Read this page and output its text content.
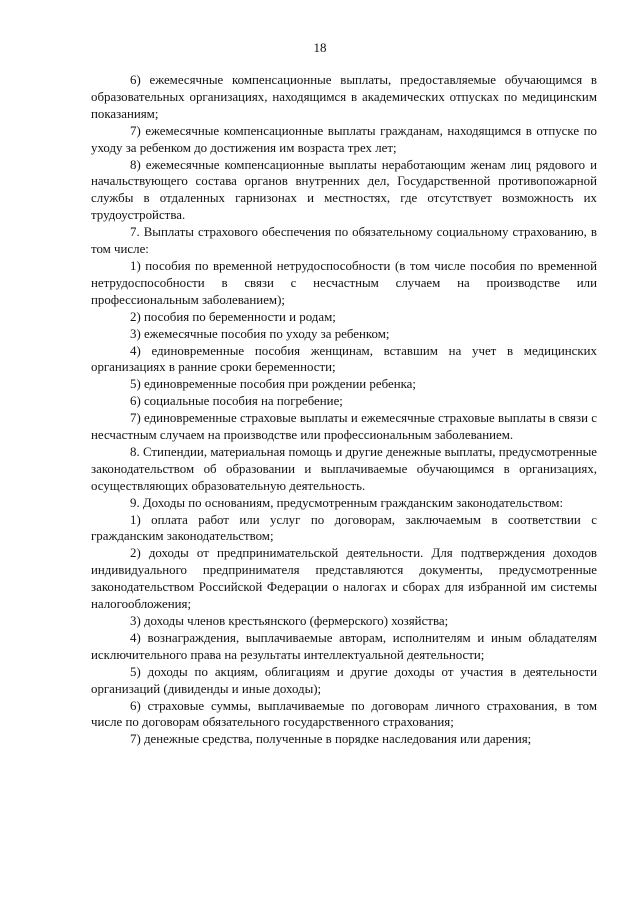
18

6) ежемесячные компенсационные выплаты, предоставляемые обучающимся в образовательных организациях, находящимся в академических отпусках по медицинским показаниям;

7) ежемесячные компенсационные выплаты гражданам, находящимся в отпуске по уходу за ребенком до достижения им возраста трех лет;

8) ежемесячные компенсационные выплаты неработающим женам лиц рядового и начальствующего состава органов внутренних дел, Государственной противопожарной службы в отдаленных гарнизонах и местностях, где отсутствует возможность их трудоустройства.

7. Выплаты страхового обеспечения по обязательному социальному страхованию, в том числе:

1) пособия по временной нетрудоспособности (в том числе пособия по временной нетрудоспособности в связи с несчастным случаем на производстве или профессиональным заболеванием);

2) пособия по беременности и родам;

3) ежемесячные пособия по уходу за ребенком;

4) единовременные пособия женщинам, вставшим на учет в медицинских организациях в ранние сроки беременности;

5) единовременные пособия при рождении ребенка;

6) социальные пособия на погребение;

7) единовременные страховые выплаты и ежемесячные страховые выплаты в связи с несчастным случаем на производстве или профессиональным заболеванием.

8. Стипендии, материальная помощь и другие денежные выплаты, предусмотренные законодательством об образовании и выплачиваемые обучающимся в организациях, осуществляющих образовательную деятельность.

9. Доходы по основаниям, предусмотренным гражданским законодательством:

1) оплата работ или услуг по договорам, заключаемым в соответствии с гражданским законодательством;

2) доходы от предпринимательской деятельности. Для подтверждения доходов индивидуального предпринимателя представляются документы, предусмотренные законодательством Российской Федерации о налогах и сборах для избранной им системы налогообложения;

3) доходы членов крестьянского (фермерского) хозяйства;

4) вознаграждения, выплачиваемые авторам, исполнителям и иным обладателям исключительного права на результаты интеллектуальной деятельности;

5) доходы по акциям, облигациям и другие доходы от участия в деятельности организаций (дивиденды и иные доходы);

6) страховые суммы, выплачиваемые по договорам личного страхования, в том числе по договорам обязательного государственного страхования;

7) денежные средства, полученные в порядке наследования или дарения;
